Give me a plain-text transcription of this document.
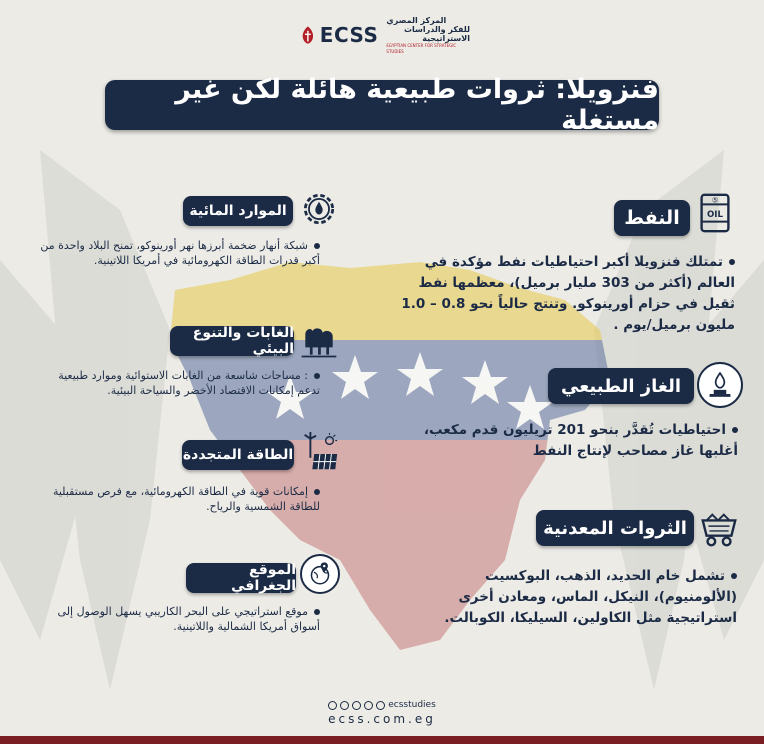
ECSS
المركز المصري
للفكر والدراسات الاستراتيجية
EGYPTIAN CENTER FOR STRATEGIC STUDIES
فنزويلا: ثروات طبيعية هائلة لكن غير مستغلة
⑤
OIL
النفط
تمتلك فنزويلا أكبر احتياطيات نفط مؤكدة في العالم (أكثر من 303 مليار برميل)، معظمها نفط ثقيل في حزام أورينوكو. وتنتج حالياً نحو 0.8 – 1.0 مليون برميل/يوم .
الغاز الطبيعي
احتياطيات تُقدَّر بنحو 201 تريليون قدم مكعب، أغلبها غاز مصاحب لإنتاج النفط
الثروات المعدنية
تشمل خام الحديد، الذهب، البوكسيت (الألومنيوم)، النيكل، الماس، ومعادن أخرى استراتيجية مثل الكاولين، السيليكا، الكوبالت.
الموارد المائية
شبكة أنهار ضخمة أبرزها نهر أورينوكو، تمنح البلاد واحدة من أكبر قدرات الطاقة الكهرومائية في أمريكا اللاتينية.
الغابات والتنوع البيئي
: مساحات شاسعة من الغابات الاستوائية وموارد طبيعية تدعم إمكانات الاقتصاد الأخضر والسياحة البيئية.
الطاقة المتجددة
إمكانات قوية في الطاقة الكهرومائية، مع فرص مستقبلية للطاقة الشمسية والرياح.
الموقع الجغرافي
موقع استراتيجي على البحر الكاريبي يسهل الوصول إلى أسواق أمريكا الشمالية واللاتينية.
ecsstudies
ecss.com.eg
